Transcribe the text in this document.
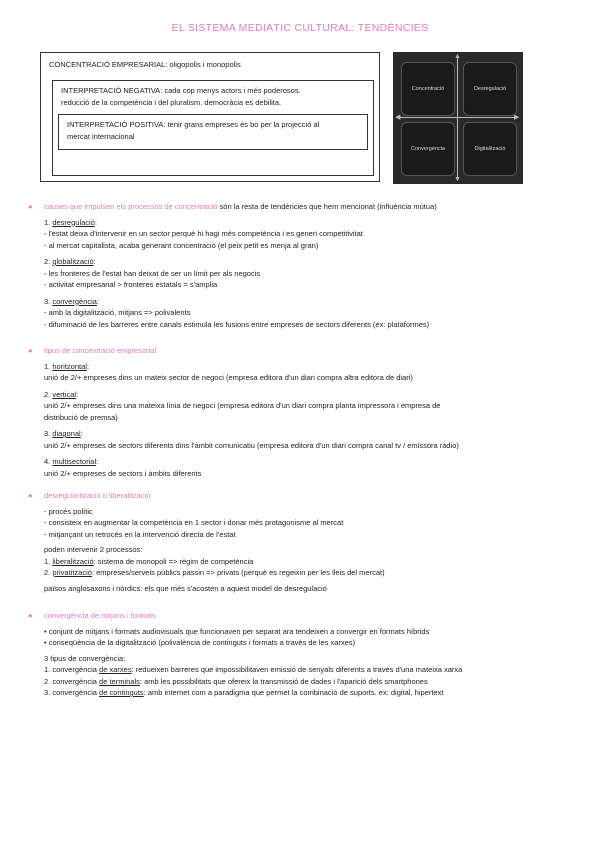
EL SISTEMA MEDIÀTIC CULTURAL: TENDÈNCIES
CONCENTRACIÓ EMPRESARIAL: oligopolis i monopolis
INTERPRETACIÓ NEGATIVA: cada cop menys actors i més poderosos.
reducció de la competència i del pluralism. democràcia es debilita.
INTERPRETACIÓ POSITIVA: tenir grans empreses és bo per la projecció al
mercat internacional
◀	▶
▲
▼
Concentració	Desregulació
Convergència	Digitalització
● causes que impulsen els processos de concentració són la resta de tendències que hem mencionat (influència mútua)
1. desregulació:
- l'estat deixa d'intervenir en un sector perquè hi hagi més competència i es generi competitivitat
- al mercat capitalista, acaba generant concentració (el peix petit es menja al gran)
2. globalització:
- les fronteres de l'estat han deixat de ser un límit per als negocis
- activitat empresarial > fronteres estatals = s'amplia
3. convergència:
- amb la digitalització, mitjans => polivalents
- difuminació de les barreres entre canals estimula les fusions entre empreses de sectors diferents (ex: plataformes)
● tipus de concentració empresarial
1. horitzontal:
unió de 2/+ empreses dins un mateix sector de negoci (empresa editora d'un diari compra altra editora de diari)
2. vertical:
unió 2/+ empreses dins una mateixa línia de negoci (empresa editora d'un diari compra planta impressora i empresa de
distribució de premsa)
3. diagonal:
unió 2/+ empreses de sectors diferents dins l'àmbit comunicatiu (empresa editora d'un diari compra canal tv / emissora ràdio)
4. multisectorial:
unió 2/+ empreses de sectors i àmbits diferents
● desregularització o liberalització
- procés polític
- consisteix en augmentar la competència en 1 sector i donar més protagonisme al mercat
- mitjançant un retrocés en la intervenció directa de l'estat
poden intervenir 2 processos:
1. liberalització: sistema de monopoli => règim de competència
2. privatització: empreses/serveis públics passin => privats (perquè es regeixin per les lleis del mercat)
països anglosaxons i nòrdics: els que més s'acosten a aquest model de desregulació
● convergència de mitjans i formats
• conjunt de mitjans i formats audiovisuals que funcionaven per separat ara tendeixen a convergir en formats híbrids
• conseqüència de la digitalització (polivalència de continguts i formats a través de les xarxes)
3 tipus de convergència:
1. convergència de xarxes: redueixen barreres que impossibilitaven emissió de senyals diferents a través d'una mateixa xarxa
2. convergència de terminals: amb les possibilitats que ofereix la transmissió de dades i l'aparició dels smartphones
3. convergència de continguts: amb internet com a paradigma que permet la combinació de suports. ex: digital, hipertext
